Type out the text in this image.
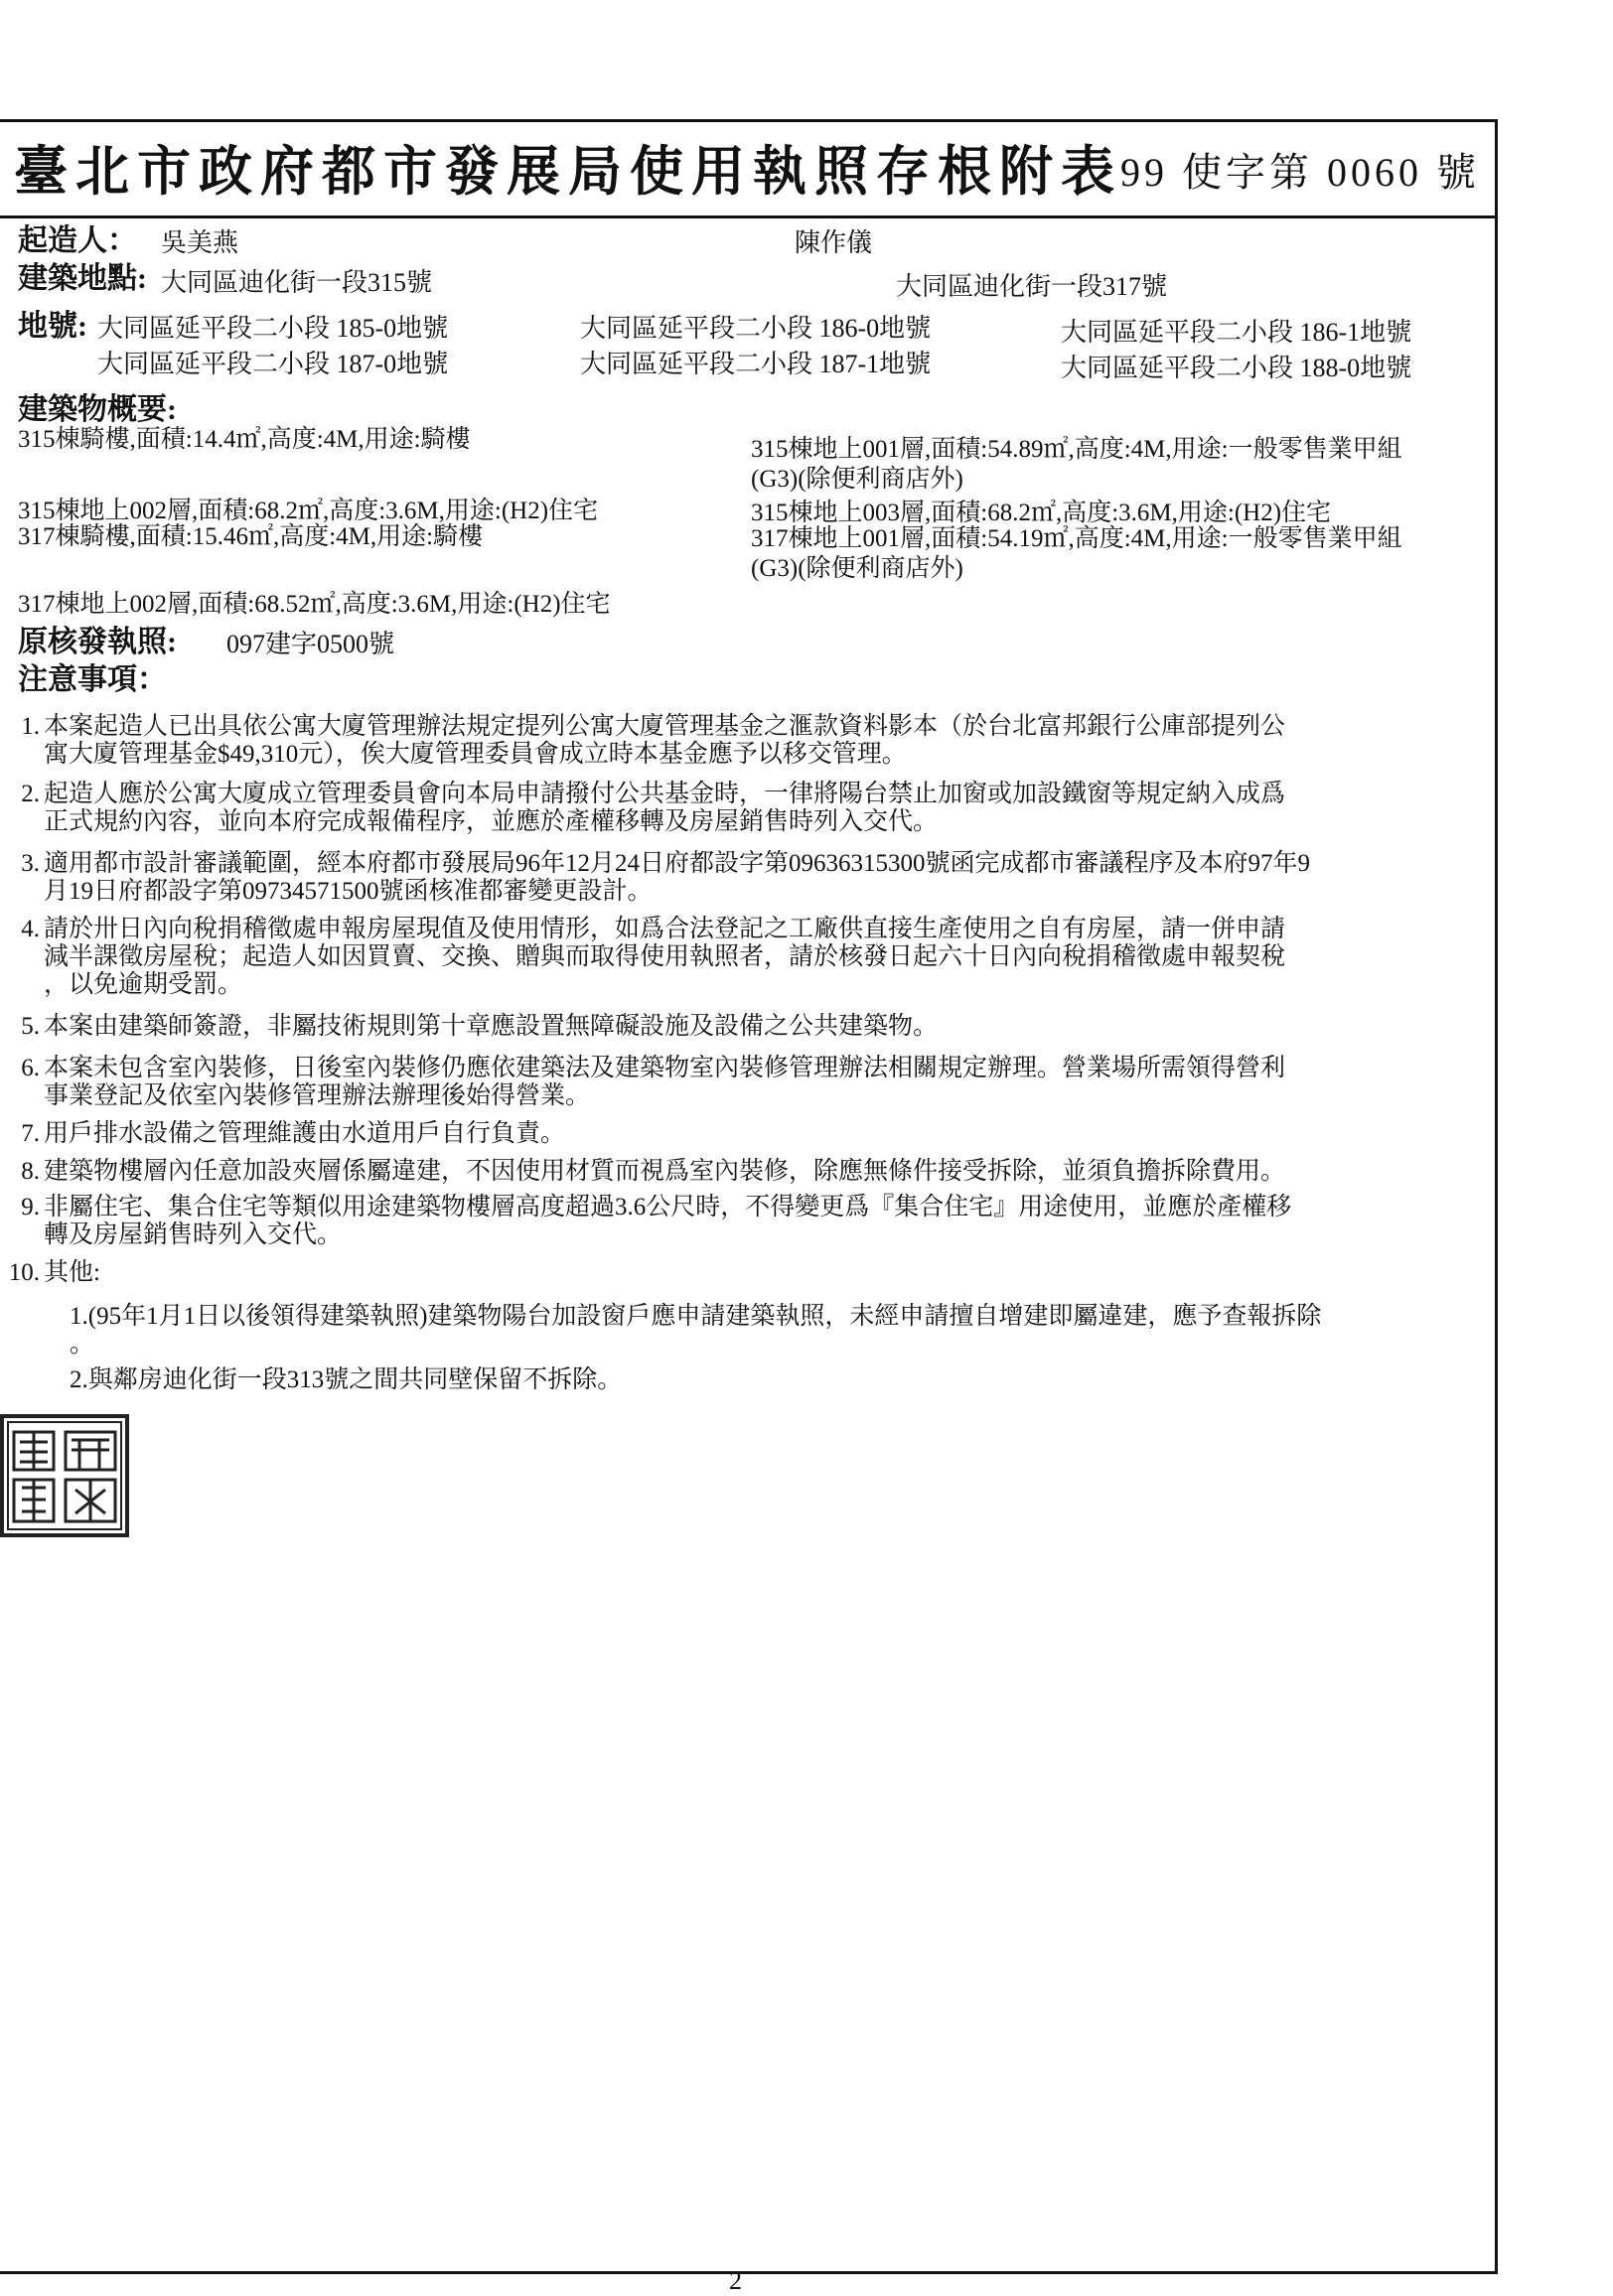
臺北市政府都市發展局使用執照存根附表
99 使字第 0060 號
起造人： 吳美燕	陳作儀
建築地點: 大同區迪化街一段315號	大同區迪化街一段317號
地號: 大同區延平段二小段 185-0地號	大同區延平段二小段 186-0地號	大同區延平段二小段 186-1地號
大同區延平段二小段 187-0地號	大同區延平段二小段 187-1地號	大同區延平段二小段 188-0地號
建築物概要:
315棟騎樓,面積:14.4㎡,高度:4M,用途:騎樓	315棟地上001層,面積:54.89㎡,高度:4M,用途:一般零售業甲組
(G3)(除便利商店外)
315棟地上002層,面積:68.2㎡,高度:3.6M,用途:(H2)住宅	315棟地上003層,面積:68.2㎡,高度:3.6M,用途:(H2)住宅
317棟騎樓,面積:15.46㎡,高度:4M,用途:騎樓	317棟地上001層,面積:54.19㎡,高度:4M,用途:一般零售業甲組
(G3)(除便利商店外)
317棟地上002層,面積:68.52㎡,高度:3.6M,用途:(H2)住宅
原核發執照: 097建字0500號
注意事項：
1. 本案起造人已出具依公寓大廈管理辦法規定提列公寓大廈管理基金之滙款資料影本（於台北富邦銀行公庫部提列公
寓大廈管理基金$49,310元），俟大廈管理委員會成立時本基金應予以移交管理。
2. 起造人應於公寓大廈成立管理委員會向本局申請撥付公共基金時，一律將陽台禁止加窗或加設鐵窗等規定納入成爲
正式規約內容，並向本府完成報備程序，並應於產權移轉及房屋銷售時列入交代。
3. 適用都市設計審議範圍，經本府都市發展局96年12月24日府都設字第09636315300號函完成都市審議程序及本府97年9
月19日府都設字第09734571500號函核准都審變更設計。
4. 請於卅日內向稅捐稽徵處申報房屋現值及使用情形，如爲合法登記之工廠供直接生產使用之自有房屋，請一併申請
減半課徵房屋稅；起造人如因買賣、交換、贈與而取得使用執照者，請於核發日起六十日內向稅捐稽徵處申報契稅
，以免逾期受罰。
5. 本案由建築師簽證，非屬技術規則第十章應設置無障礙設施及設備之公共建築物。
6. 本案未包含室內裝修，日後室內裝修仍應依建築法及建築物室內裝修管理辦法相關規定辦理。營業場所需領得營利
事業登記及依室內裝修管理辦法辦理後始得營業。
7. 用戶排水設備之管理維護由水道用戶自行負責。
8. 建築物樓層內任意加設夾層係屬違建，不因使用材質而視爲室內裝修，除應無條件接受拆除，並須負擔拆除費用。
9. 非屬住宅、集合住宅等類似用途建築物樓層高度超過3.6公尺時，不得變更爲『集合住宅』用途使用，並應於產權移
轉及房屋銷售時列入交代。
10. 其他:
1.(95年1月1日以後領得建築執照)建築物陽台加設窗戶應申請建築執照，未經申請擅自增建即屬違建，應予查報拆除
。
2.與鄰房迪化街一段313號之間共同壁保留不拆除。
府都發北
2
